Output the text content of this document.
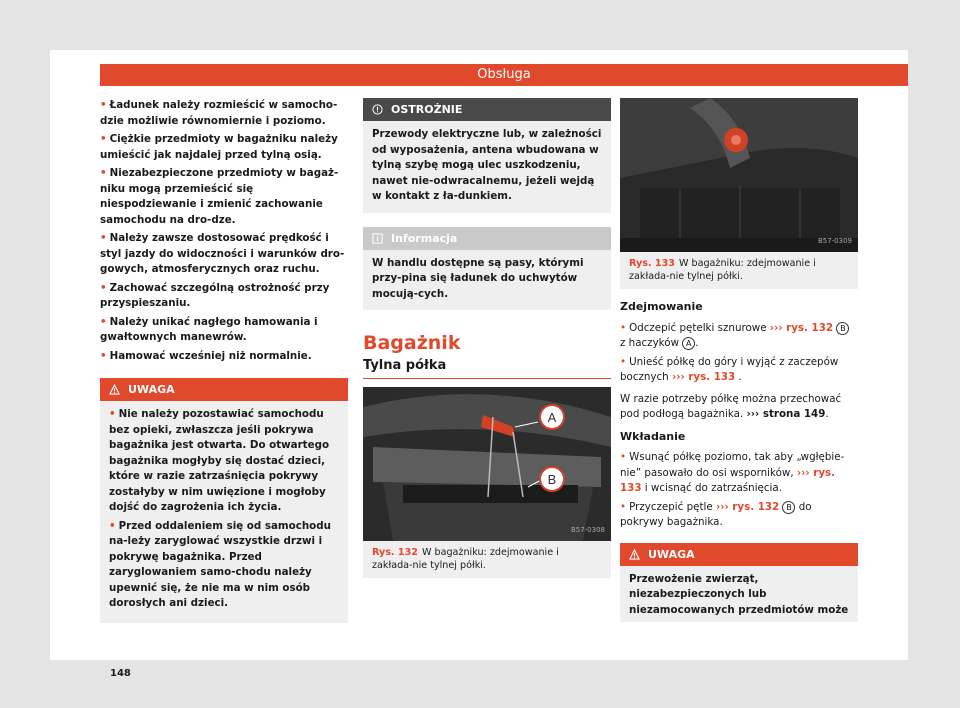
Obsługa
• Ładunek należy rozmieścić w samocho-dzie możliwie równomiernie i poziomo.
• Ciężkie przedmioty w bagażniku należy umieścić jak najdalej przed tylną osią.
• Niezabezpieczone przedmioty w bagaż-niku mogą przemieścić się niespodziewanie i zmienić zachowanie samochodu na dro-dze.
• Należy zawsze dostosować prędkość i styl jazdy do widoczności i warunków dro-gowych, atmosferycznych oraz ruchu.
• Zachować szczególną ostrożność przy przyspieszaniu.
• Należy unikać nagłego hamowania i gwałtownych manewrów.
• Hamować wcześniej niż normalnie.
UWAGA
• Nie należy pozostawiać samochodu bez opieki, zwłaszcza jeśli pokrywa bagażnika jest otwarta. Do otwartego bagażnika mogłyby się dostać dzieci, które w razie zatrzaśnięcia pokrywy zostałyby w nim uwięzione i mogłoby dojść do zagrożenia ich życia.
• Przed oddaleniem się od samochodu na-leży zaryglować wszystkie drzwi i pokrywę bagażnika. Przed zaryglowaniem samo-chodu należy upewnić się, że nie ma w nim osób dorosłych ani dzieci.
OSTROŻNIE
Przewody elektryczne lub, w zależności od wyposażenia, antena wbudowana w tylną szybę mogą ulec uszkodzeniu, nawet nie-odwracalnemu, jeżeli wejdą w kontakt z ła-dunkiem.
Informacja
W handlu dostępne są pasy, którymi przy-pina się ładunek do uchwytów mocują-cych.
Bagażnik
Tylna półka
A
B
B57-0308
Rys. 132 W bagażniku: zdejmowanie i zakłada-nie tylnej półki.
B57-0309
Rys. 133 W bagażniku: zdejmowanie i zakłada-nie tylnej półki.

Zdejmowanie

• Odczepić pętelki sznurowe ››› rys. 132 B z haczyków A .
• Unieść półkę do góry i wyjąć z zaczepów bocznych ››› rys. 133 .

W razie potrzeby półkę można przechować pod podłogą bagażnika. ››› strona 149.

Wkładanie

• Wsunąć półkę poziomo, tak aby „wgłębie-nie” pasowało do osi wsporników, ››› rys. 133 i wcisnąć do zatrzaśnięcia.
• Przyczepić pętle ››› rys. 132 B do pokrywy bagażnika.
UWAGA
Przewożenie zwierząt, niezabezpieczonych lub niezamocowanych przedmiotów może
148
